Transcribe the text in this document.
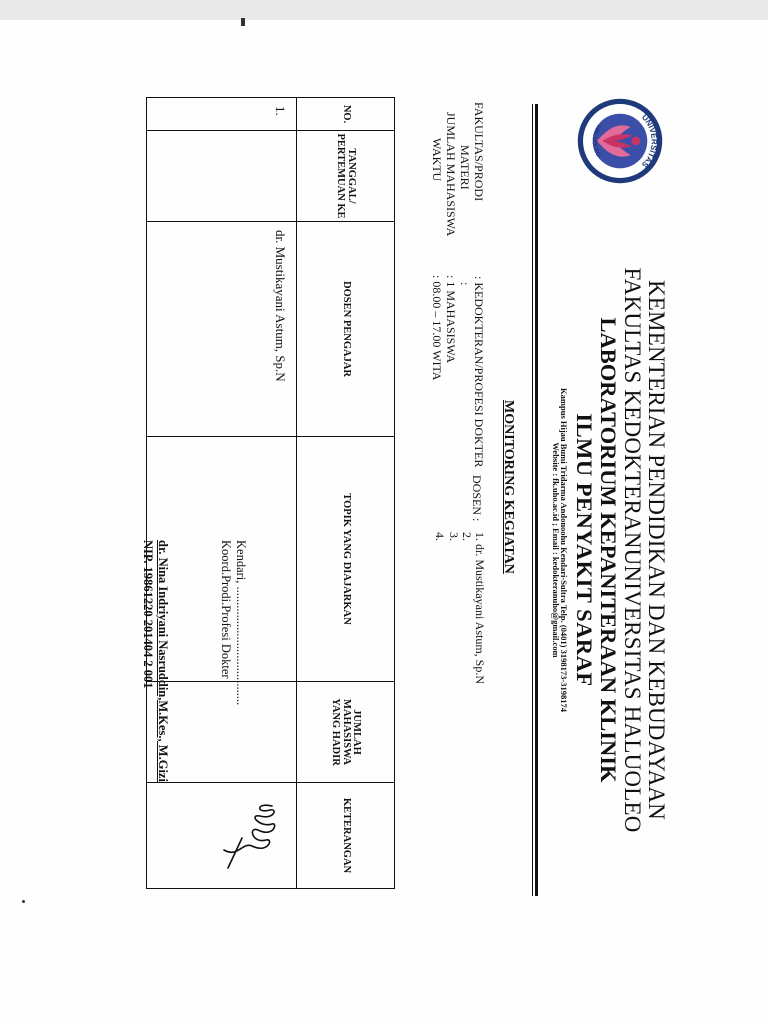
UNIVERSITAS
HALUOLEO
KEMENTERIAN PENDIDIKAN DAN KEBUDAYAAN
FAKULTAS KEDOKTERANUNIVERSITAS HALUOLEO
LABORATORIUM KEPANITERAAN KLINIK
ILMU PENYAKIT SARAF
Kampus Hijau Bumi Tridarma Andonoohu Kendari-Sultra Telp. (0401) 3198173-3198174
Website : fk.uho.ac.id ; Email : kedokteranuho@gmail.com
MONITORING KEGIATAN
FAKULTAS/PRODI
: KEDOKTERAN/PROFESI DOKTER
MATERI
:
JUMLAH MAHASISWA
: 1 MAHASISWA
WAKTU
: 08.00 – 17.00 WITA
DOSEN :
1. dr. Mustikayani Astum, Sp.N
2.
3.
4.
NO.	TANGGAL/ PERTEMUAN KE	DOSEN PENGAJAR	TOPIK YANG DIAJARKAN	JUMLAH MAHASISWA YANG HADIR	KETERANGAN
1.		dr. Mustikayani Astum, Sp.N			
Kendari, ......................................
Koord.Prodi.Profesi Dokter
dr. Nina Indriyani Nasruddin,M.Kes., M.Gizi
NIP. 19861220 201404 2 001
